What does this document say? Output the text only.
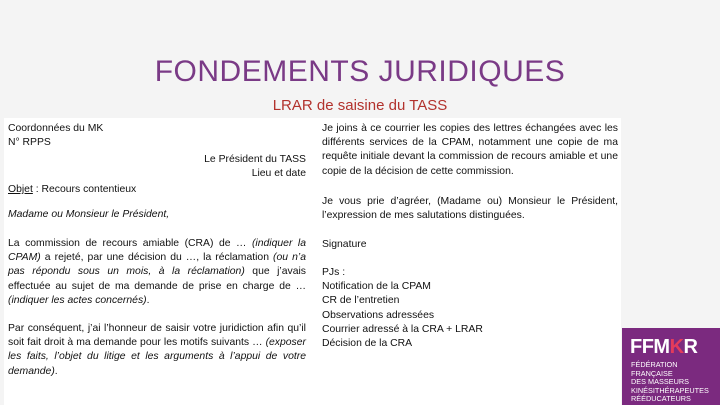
FONDEMENTS JURIDIQUES
LRAR de saisine du TASS

Coordonnées du MK
N° RPPS

Le Président du TASS
Lieu et date

Objet : Recours contentieux

Madame ou Monsieur le Président,

La commission de recours amiable (CRA) de … (indiquer la CPAM) a rejeté, par une décision du …, la réclamation (ou n’a pas répondu sous un mois, à la réclamation) que j’avais effectuée au sujet de ma demande de prise en charge de … (indiquer les actes concernés).

Par conséquent, j’ai l’honneur de saisir votre juridiction afin qu’il soit fait droit à ma demande pour les motifs suivants … (exposer les faits, l’objet du litige et les arguments à l’appui de votre demande).

Je joins à ce courrier les copies des lettres échangées avec les différents services de la CPAM, notamment une copie de ma requête initiale devant la commission de recours amiable et une copie de la décision de cette commission.

Je vous prie d’agréer, (Madame ou) Monsieur le Président, l’expression de mes salutations distinguées.

Signature

PJs :
Notification de la CPAM
CR de l’entretien
Observations adressées
Courrier adressé à la CRA + LRAR
Décision de la CRA	FFMKR
FÉDÉRATION FRANÇAISE
DES MASSEURS
KINÉSITHÉRAPEUTES
RÉÉDUCATEURS
